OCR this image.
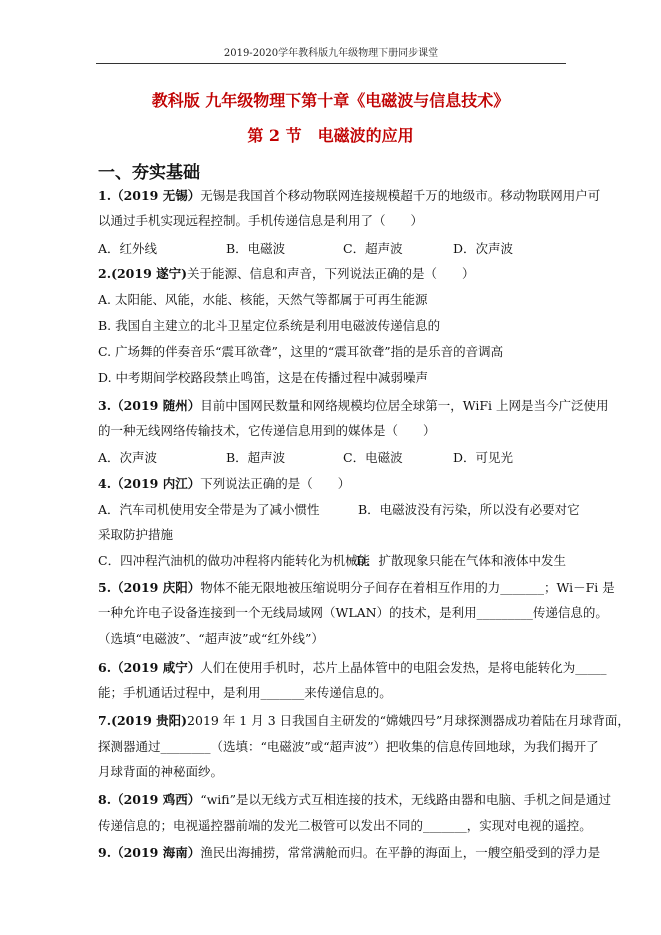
2019-2020学年教科版九年级物理下册同步课堂
教科版 九年级物理下第十章《电磁波与信息技术》
第 2 节　电磁波的应用
一、夯实基础
1.（2019 无锡）无锡是我国首个移动物联网连接规模超千万的地级市。移动物联网用户可
以通过手机实现远程控制。手机传递信息是利用了（　　）
A．红外线	B．电磁波	C．超声波	D．次声波
2.(2019 遂宁)关于能源、信息和声音，下列说法正确的是（　　）
A. 太阳能、风能，水能、核能，天然气等都属于可再生能源
B. 我国自主建立的北斗卫星定位系统是利用电磁波传递信息的
C. 广场舞的伴奏音乐“震耳欲聋”，这里的“震耳欲聋”指的是乐音的音调高
D. 中考期间学校路段禁止鸣笛，这是在传播过程中减弱噪声
3.（2019 随州）目前中国网民数量和网络规模均位居全球第一，WiFi 上网是当今广泛使用
的一种无线网络传输技术，它传递信息用到的媒体是（　　）
A．次声波	B．超声波	C．电磁波	D．可见光
4.（2019 内江）下列说法正确的是（　　）
A．汽车司机使用安全带是为了减小惯性	B．电磁波没有污染，所以没有必要对它
采取防护措施
C．四冲程汽油机的做功冲程将内能转化为机械能
D．扩散现象只能在气体和液体中发生
5.（2019 庆阳）物体不能无限地被压缩说明分子间存在着相互作用的力_______；Wi－Fi 是
一种允许电子设备连接到一个无线局域网（WLAN）的技术，是利用_________传递信息的。
（选填“电磁波”、“超声波”或“红外线”）
6.（2019 咸宁）人们在使用手机时，芯片上晶体管中的电阻会发热，是将电能转化为_____
能；手机通话过程中，是利用_______来传递信息的。
7.(2019 贵阳)2019 年 1 月 3 日我国自主研发的“嫦娥四号”月球探测器成功着陆在月球背面，
探测器通过________（选填：“电磁波”或“超声波”）把收集的信息传回地球，为我们揭开了
月球背面的神秘面纱。
8.（2019 鸡西）“wifi”是以无线方式互相连接的技术，无线路由器和电脑、手机之间是通过
传递信息的；电视遥控器前端的发光二极管可以发出不同的_______，实现对电视的遥控。
9.（2019 海南）渔民出海捕捞，常常满舱而归。在平静的海面上，一艘空船受到的浮力是
